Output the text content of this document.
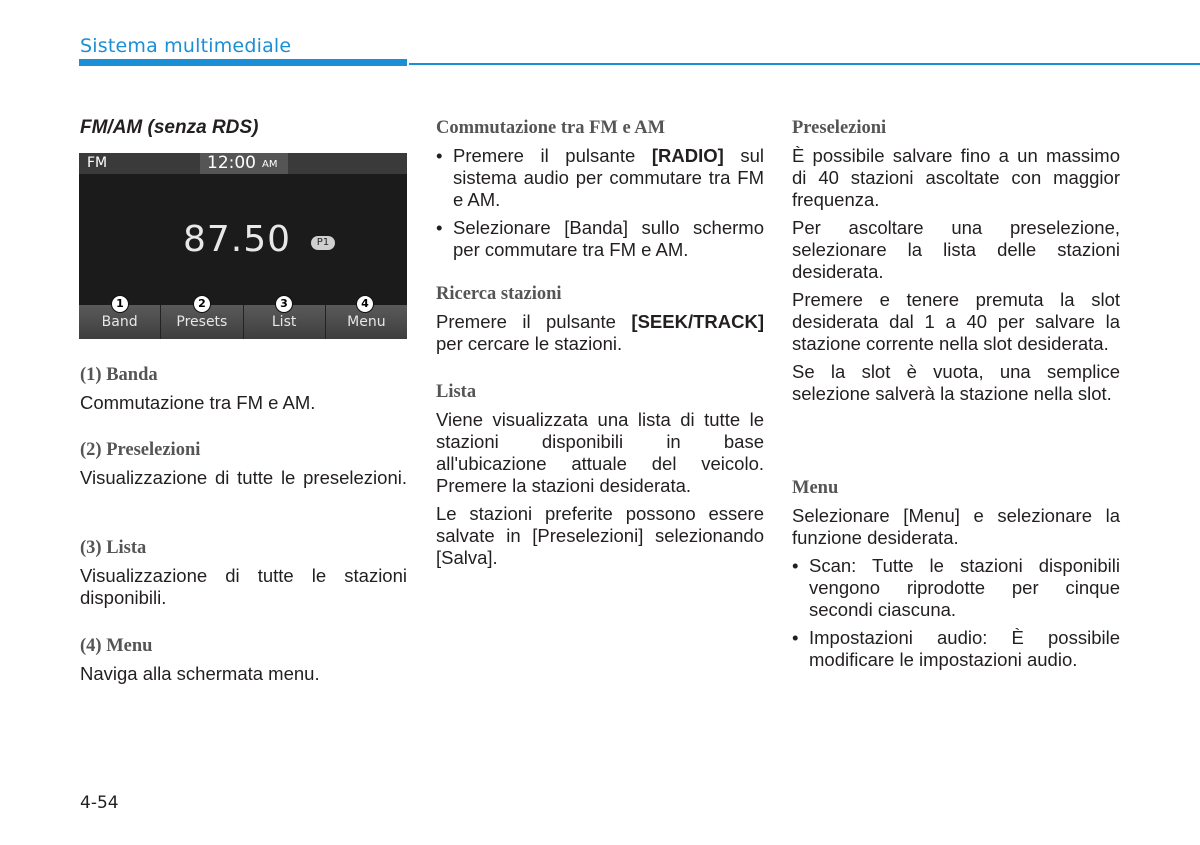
Sistema multimediale
FM/AM (senza RDS)
FM	12:00 AM
87.50	P1
Band	Presets	List	Menu
1	2	3	4
(1) Banda
Commutazione tra FM e AM.
(2) Preselezioni
Visualizzazione di tutte le preselezioni.
(3) Lista
Visualizzazione di tutte le stazioni disponibili.
(4) Menu
Naviga alla schermata menu.
Commutazione tra FM e AM
• Premere il pulsante [RADIO] sul sistema audio per commutare tra FM e AM.
• Selezionare [Banda] sullo schermo per commutare tra FM e AM.
Ricerca stazioni
Premere il pulsante [SEEK/TRACK] per cercare le stazioni.
Lista
Viene visualizzata una lista di tutte le stazioni disponibili in base all'ubicazione attuale del veicolo. Premere la stazioni desiderata.
Le stazioni preferite possono essere salvate in [Preselezioni] selezionando [Salva].
Preselezioni
È possibile salvare fino a un massimo di 40 stazioni ascoltate con maggior frequenza.
Per ascoltare una preselezione, selezionare la lista delle stazioni desiderata.
Premere e tenere premuta la slot desiderata dal 1 a 40 per salvare la stazione corrente nella slot desiderata.
Se la slot è vuota, una semplice selezione salverà la stazione nella slot.
Menu
Selezionare [Menu] e selezionare la funzione desiderata.
• Scan: Tutte le stazioni disponibili vengono riprodotte per cinque secondi ciascuna.
• Impostazioni audio: È possibile modificare le impostazioni audio.
4-54
